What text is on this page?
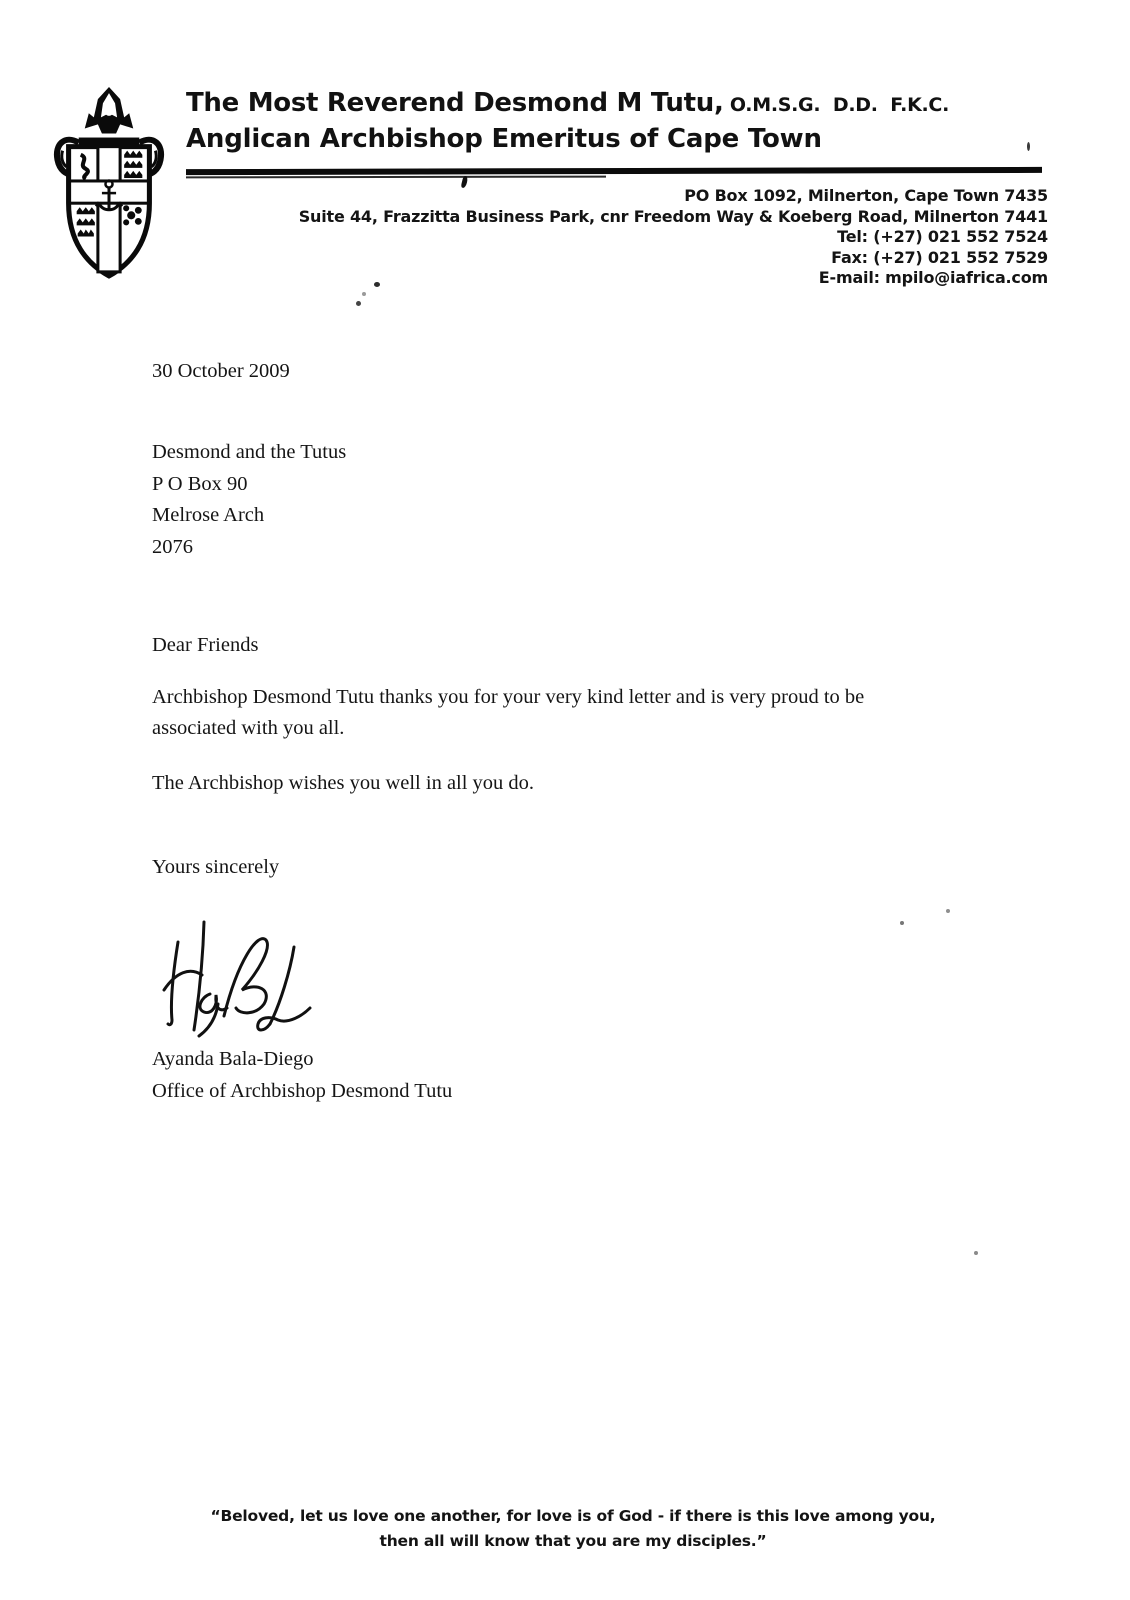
The Most Reverend Desmond M Tutu, O.M.S.G.  D.D.  F.K.C.
Anglican Archbishop Emeritus of Cape Town
PO Box 1092, Milnerton, Cape Town 7435
Suite 44, Frazzitta Business Park, cnr Freedom Way & Koeberg Road, Milnerton 7441
Tel: (+27) 021 552 7524
Fax: (+27) 021 552 7529
E-mail: mpilo@iafrica.com
30 October 2009
Desmond and the Tutus
P O Box 90
Melrose Arch
2076
Dear Friends
Archbishop Desmond Tutu thanks you for your very kind letter and is very proud to be associated with you all.
The Archbishop wishes you well in all you do.
Yours sincerely
Ayanda Bala-Diego
Office of Archbishop Desmond Tutu
“Beloved, let us love one another, for love is of God - if there is this love among you,
then all will know that you are my disciples.”
